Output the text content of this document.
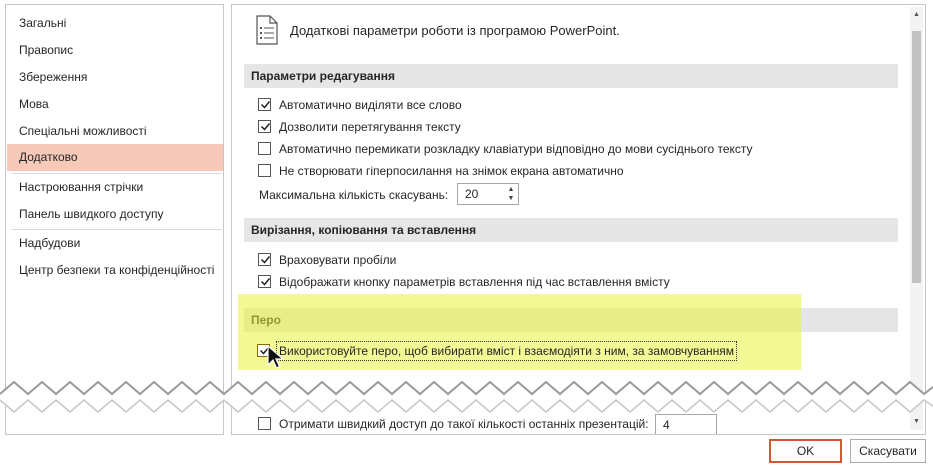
Загальні
Правопис
Збереження
Мова
Спеціальні можливості
Додатково
Настроювання стрічки
Панель швидкого доступу
Надбудови
Центр безпеки та конфіденційності
Додаткові параметри роботи із програмою PowerPoint.
Параметри редагування
Автоматично виділяти все слово
Дозволити перетягування тексту
Автоматично перемикати розкладку клавіатури відповідно до мови сусіднього тексту
Не створювати гіперпосилання на знімок екрана автоматично
Максимальна кількість скасувань: 20	▲
▼
Вирізання, копіювання та вставлення
Враховувати пробіли
Відображати кнопку параметрів вставлення під час вставлення вмісту
Отримати швидкий доступ до такої кількості останніх презентацій: 4
▲
▼
Використовуйте перо, щоб вибирати вміст і взаємодіяти з ним, за замовчуванням
OK	Скасувати
